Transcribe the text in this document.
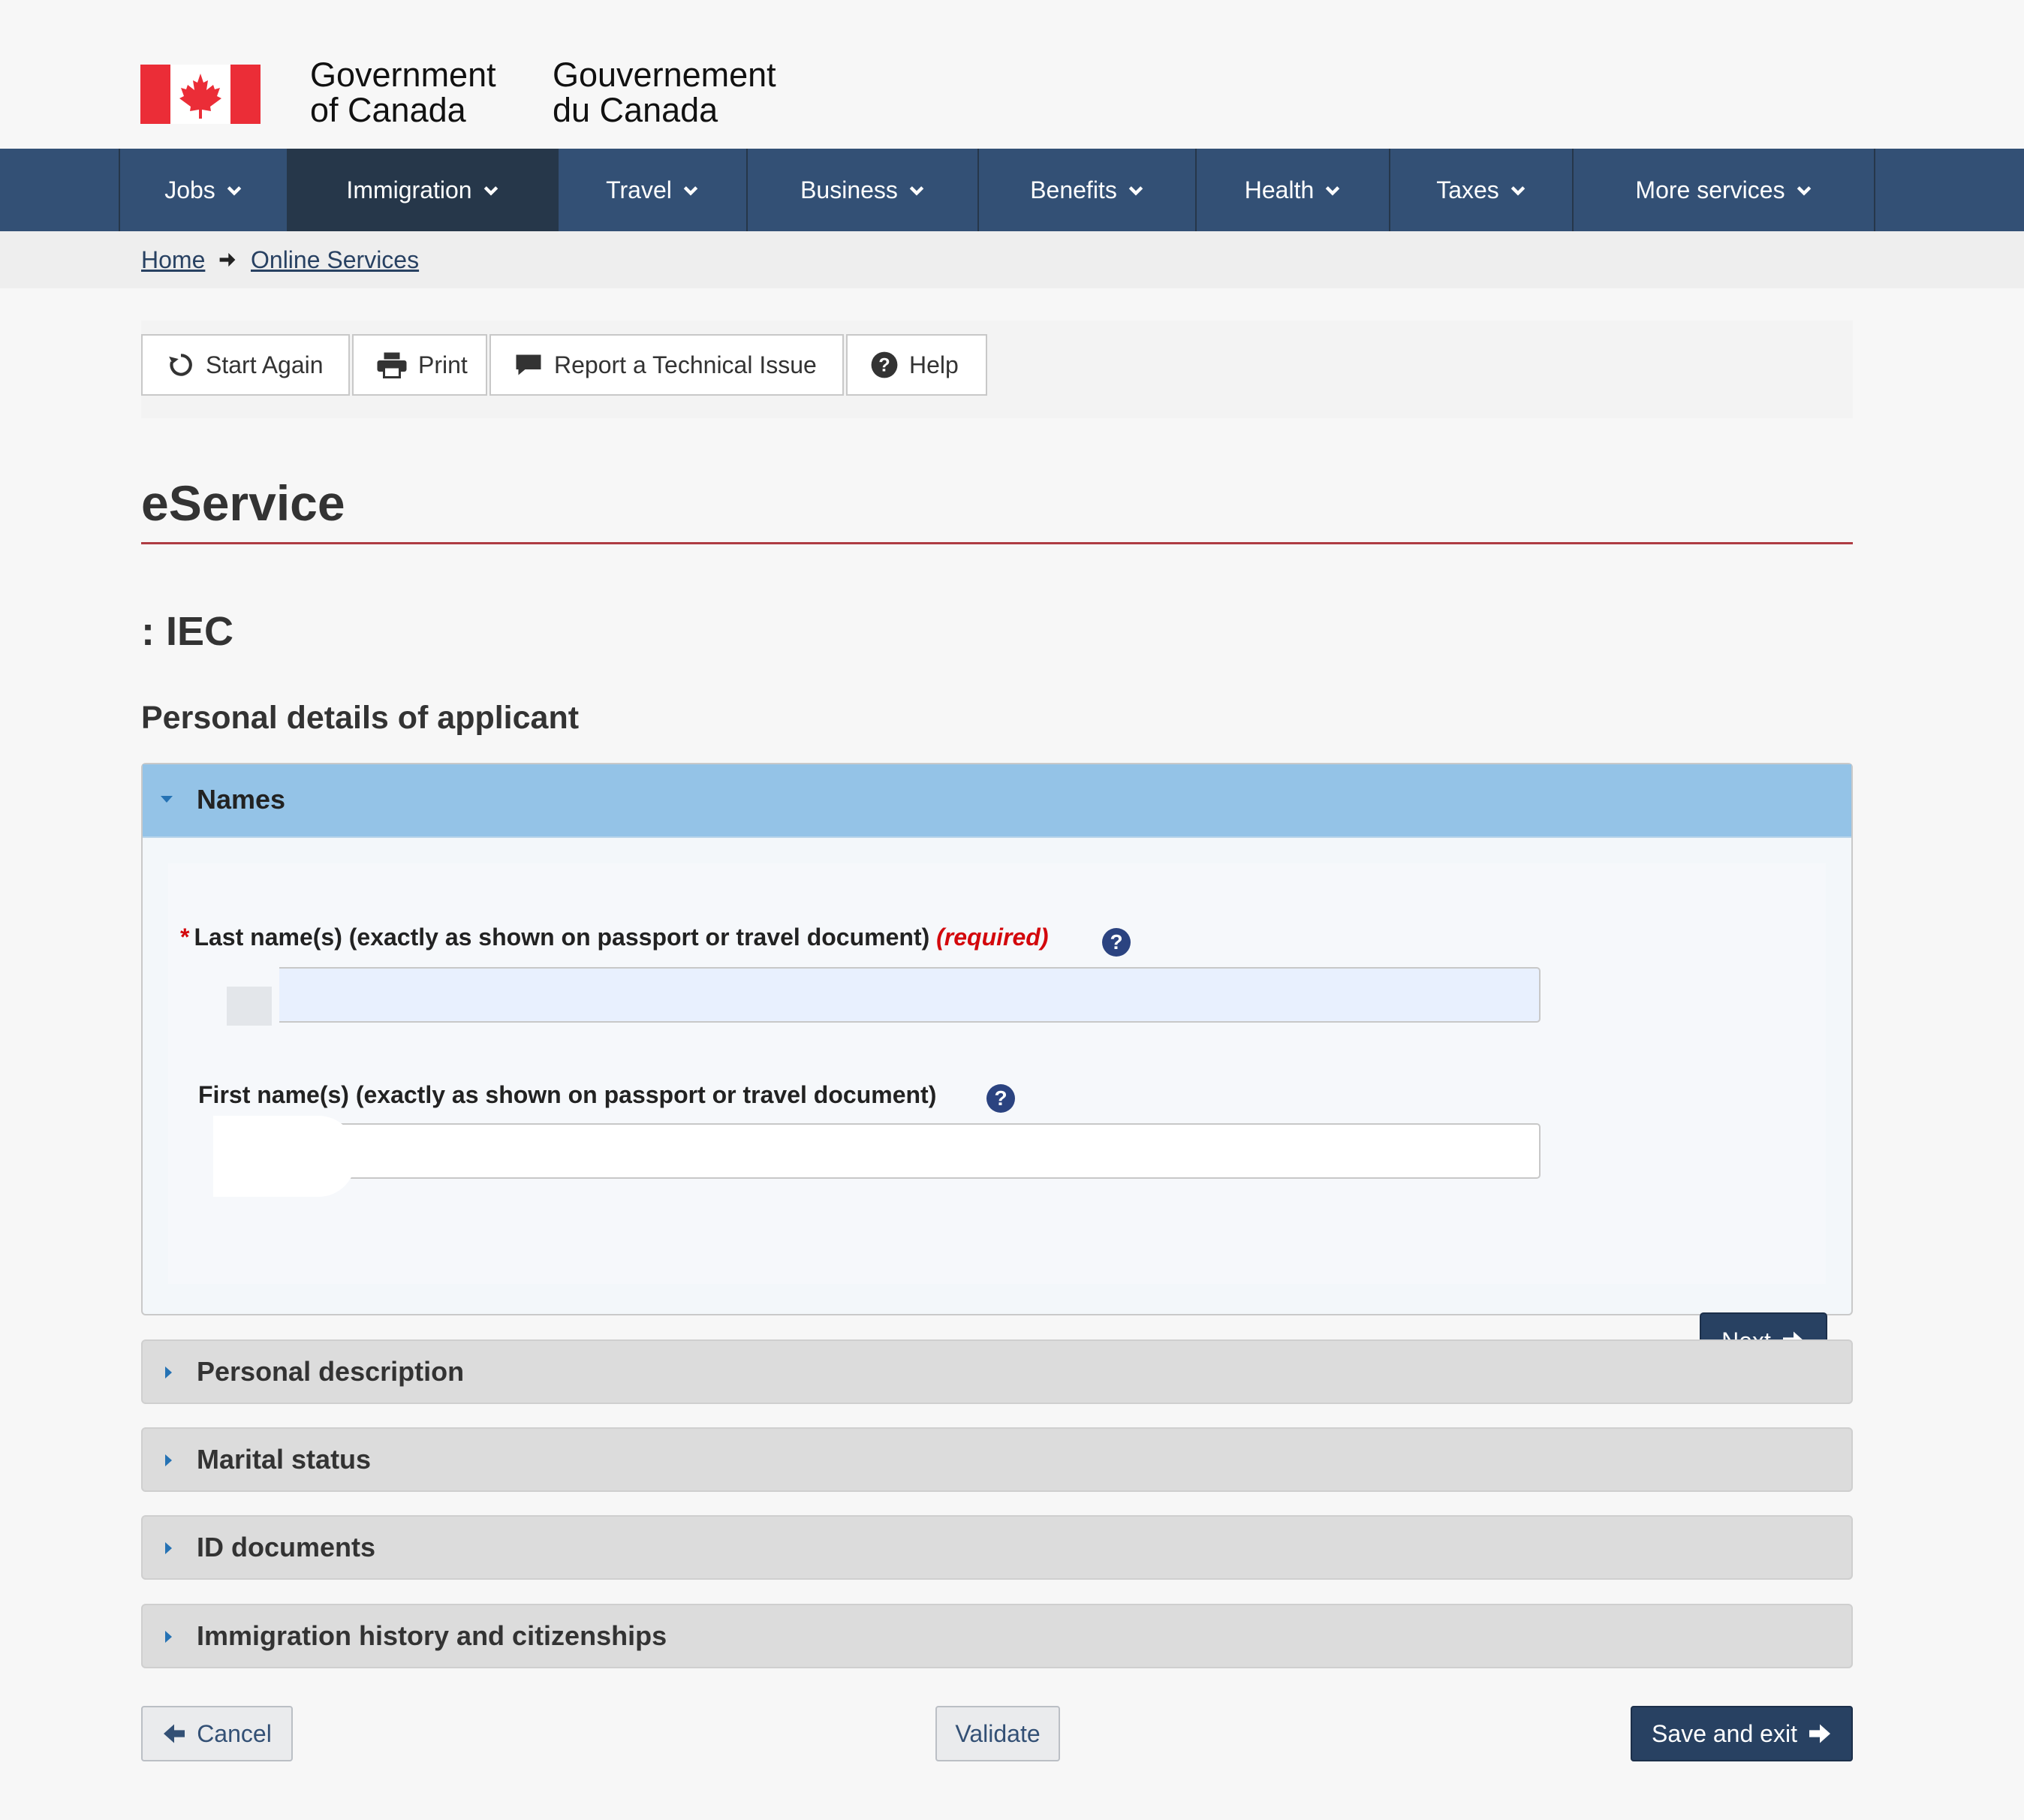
Government
of Canada
Gouvernement
du Canada
Jobs	Immigration	Travel	Business	Benefits	Health	Taxes	More services
Home Online Services
Start Again	Print	Report a Technical Issue	? Help
eService
: IEC
Personal details of applicant
Names
* Last name(s) (exactly as shown on passport or travel document) (required)	?
First name(s) (exactly as shown on passport or travel document)	?
Personal description
Marital status
ID documents
Immigration history and citizenships
Cancel	Validate	Save and exit
